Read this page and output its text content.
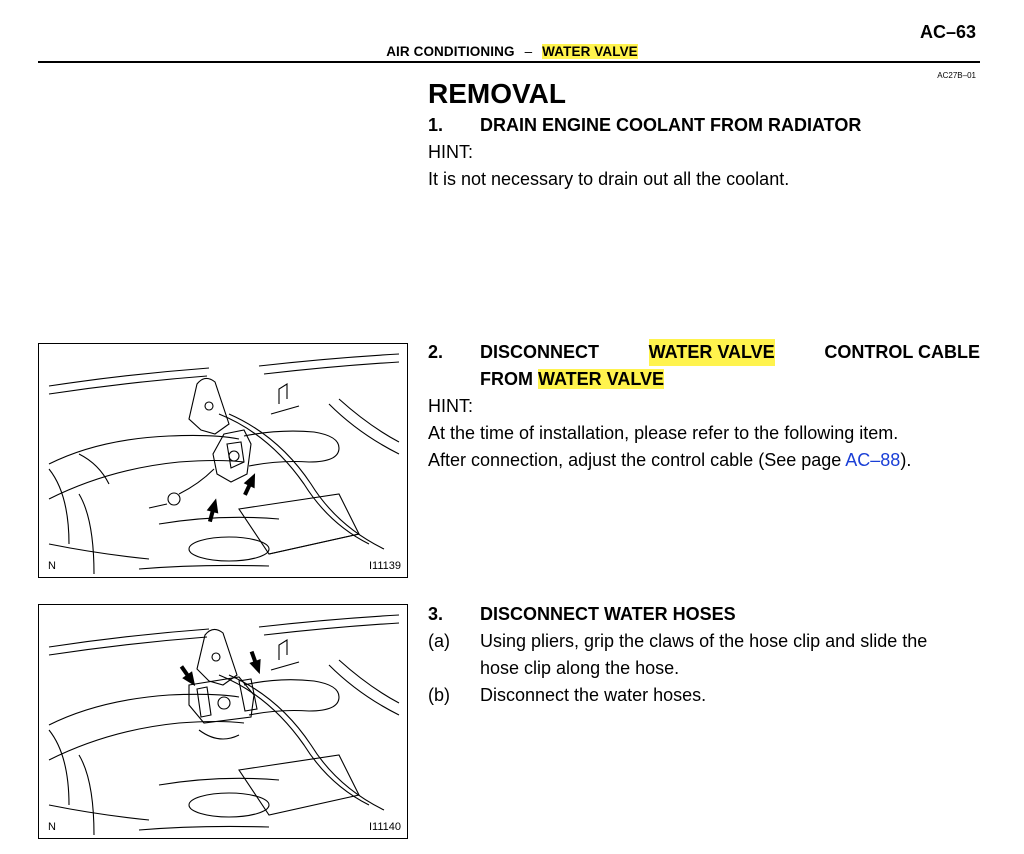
AC–63
AIR CONDITIONING – WATER VALVE
AC27B–01
REMOVAL
1. DRAIN ENGINE COOLANT FROM RADIATOR
HINT:
It is not necessary to drain out all the coolant.
2.	DISCONNECT	WATER VALVE	CONTROL CABLE
FROM WATER VALVE
HINT:
At the time of installation, please refer to the following item.
After connection, adjust the control cable (See page AC–88).
3. DISCONNECT WATER HOSES
(a)	Using pliers, grip the claws of the hose clip and slide the
hose clip along the hose.
(b)	Disconnect the water hoses.
N	I11139
N	I11140
